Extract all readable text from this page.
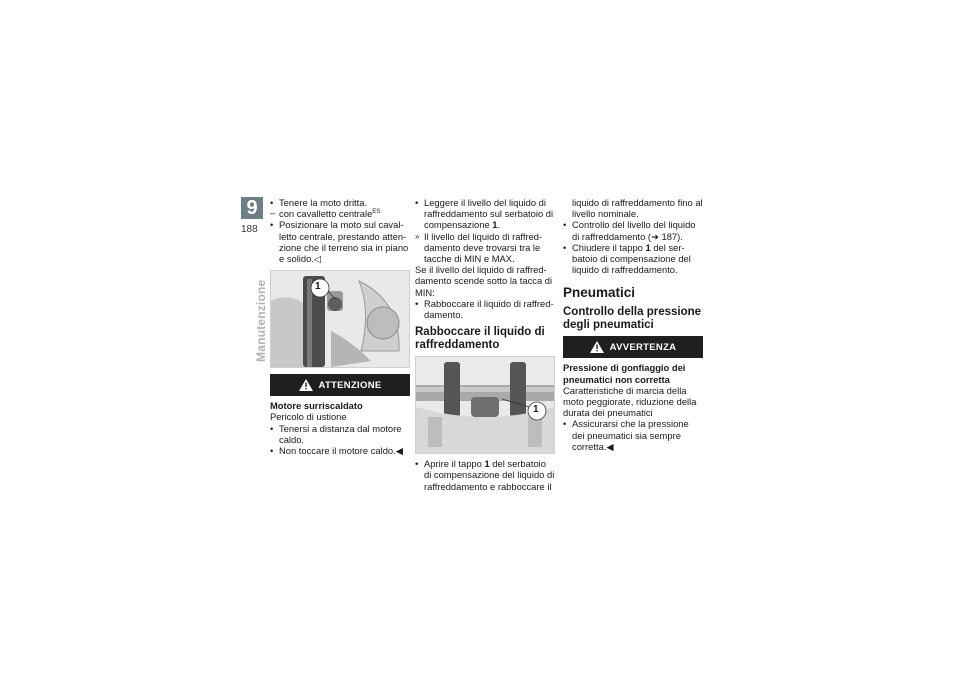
9
188
Manutenzione

• Tenere la moto dritta.

– con cavalletto centrale$^{ES}$

• Posizionare la moto sul caval-letto centrale, prestando atten-zione che il terreno sia in piano e solido.◁

1
ATTENZIONE

Motore surriscaldato

Pericolo di ustione

• Tenersi a distanza dal motore caldo.

• Non toccare il motore caldo.◀

• Leggere il livello del liquido di raffreddamento sul serbatoio di compensazione 1.

» Il livello del liquido di raffred-damento deve trovarsi tra le tacche di MIN e MAX.

Se il livello del liquido di raffred-damento scende sotto la tacca di MIN:

• Rabboccare il liquido di raffred-damento.

Rabboccare il liquido di raffreddamento
1

• Aprire il tappo 1 del serbatoio di compensazione del liquido di raffreddamento e rabboccare il

liquido di raffreddamento fino al livello nominale.

• Controllo del livello del liquido di raffreddamento (➜ 187).

• Chiudere il tappo 1 del ser-batoio di compensazione del liquido di raffreddamento.

Pneumatici
Controllo della pressione degli pneumatici
AVVERTENZA

Pressione di gonfiaggio dei pneumatici non corretta

Caratteristiche di marcia della moto peggiorate, riduzione della durata dei pneumatici

• Assicurarsi che la pressione dei pneumatici sia sempre corretta.◀
